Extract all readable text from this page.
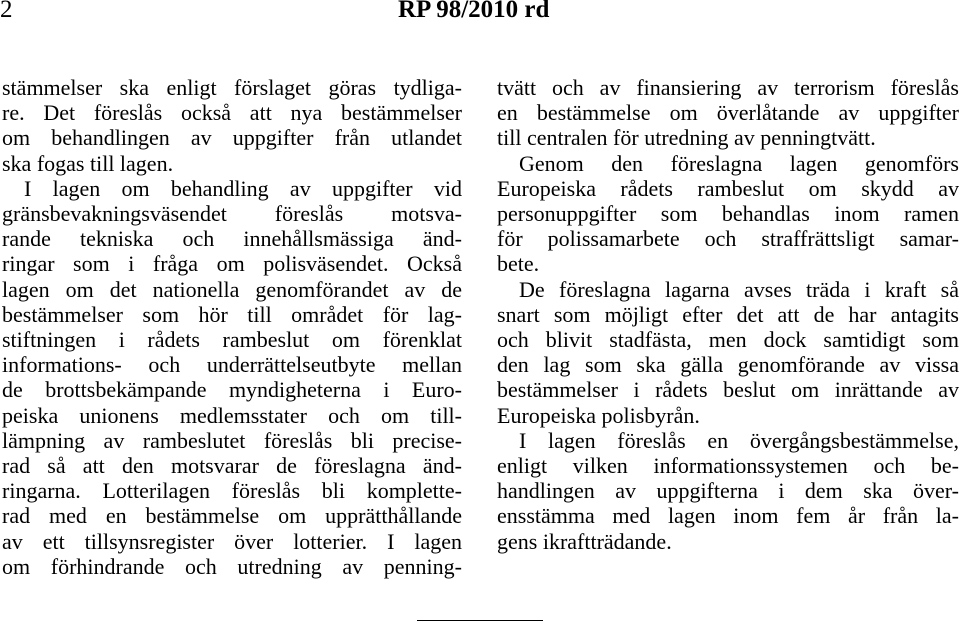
2	RP 98/2010 rd
stämmelser ska enligt förslaget göras tydliga-
re. Det föreslås också att nya bestämmelser
om behandlingen av uppgifter från utlandet
ska fogas till lagen.
I lagen om behandling av uppgifter vid
gränsbevakningsväsendet föreslås motsva-
rande tekniska och innehållsmässiga änd-
ringar som i fråga om polisväsendet. Också
lagen om det nationella genomförandet av de
bestämmelser som hör till området för lag-
stiftningen i rådets rambeslut om förenklat
informations- och underrättelseutbyte mellan
de brottsbekämpande myndigheterna i Euro-
peiska unionens medlemsstater och om till-
lämpning av rambeslutet föreslås bli precise-
rad så att den motsvarar de föreslagna änd-
ringarna. Lotterilagen föreslås bli komplette-
rad med en bestämmelse om upprätthållande
av ett tillsynsregister över lotterier. I lagen
om förhindrande och utredning av penning-
tvätt och av finansiering av terrorism föreslås
en bestämmelse om överlåtande av uppgifter
till centralen för utredning av penningtvätt.
Genom den föreslagna lagen genomförs
Europeiska rådets rambeslut om skydd av
personuppgifter som behandlas inom ramen
för polissamarbete och straffrättsligt samar-
bete.
De föreslagna lagarna avses träda i kraft så
snart som möjligt efter det att de har antagits
och blivit stadfästa, men dock samtidigt som
den lag som ska gälla genomförande av vissa
bestämmelser i rådets beslut om inrättande av
Europeiska polisbyrån.
I lagen föreslås en övergångsbestämmelse,
enligt vilken informationssystemen och be-
handlingen av uppgifterna i dem ska över-
ensstämma med lagen inom fem år från la-
gens ikraftträdande.
